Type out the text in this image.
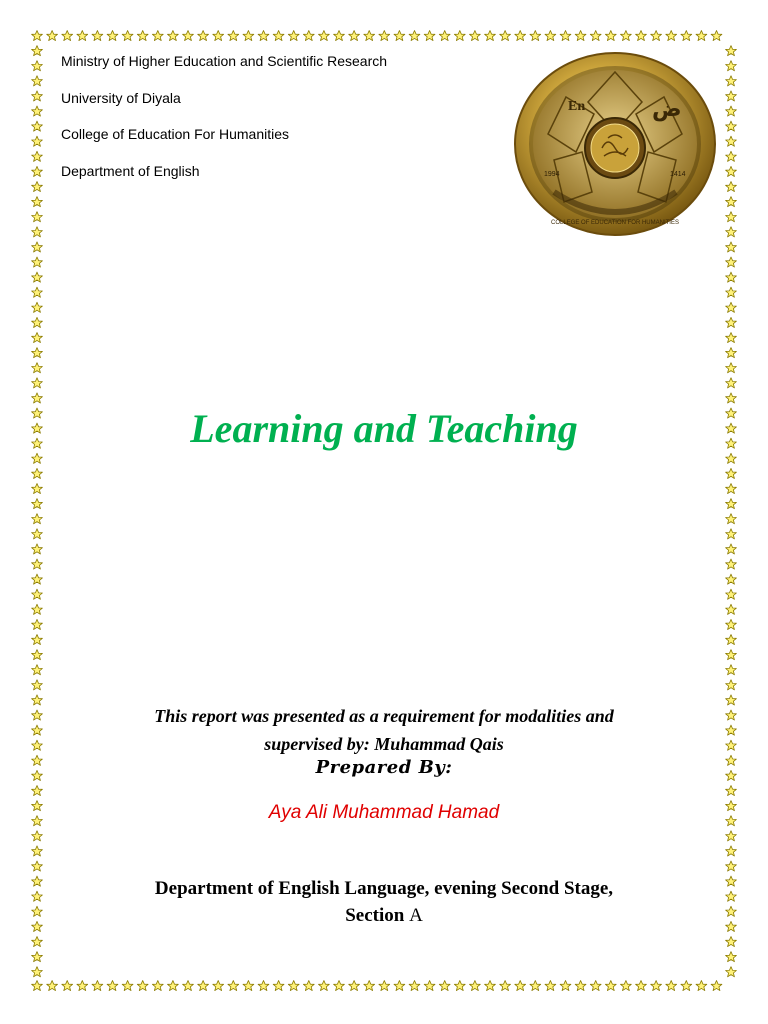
Ministry of Higher Education and Scientific Research
University of Diyala
College of Education For Humanities
Department of English
En	ض
1994	1414
COLLEGE OF EDUCATION FOR HUMANITIES
Learning and Teaching
This report was presented as a requirement for modalities and
supervised by: Muhammad Qais
Prepared By:
Aya Ali Muhammad Hamad
Department of English Language, evening Second Stage,
Section A
